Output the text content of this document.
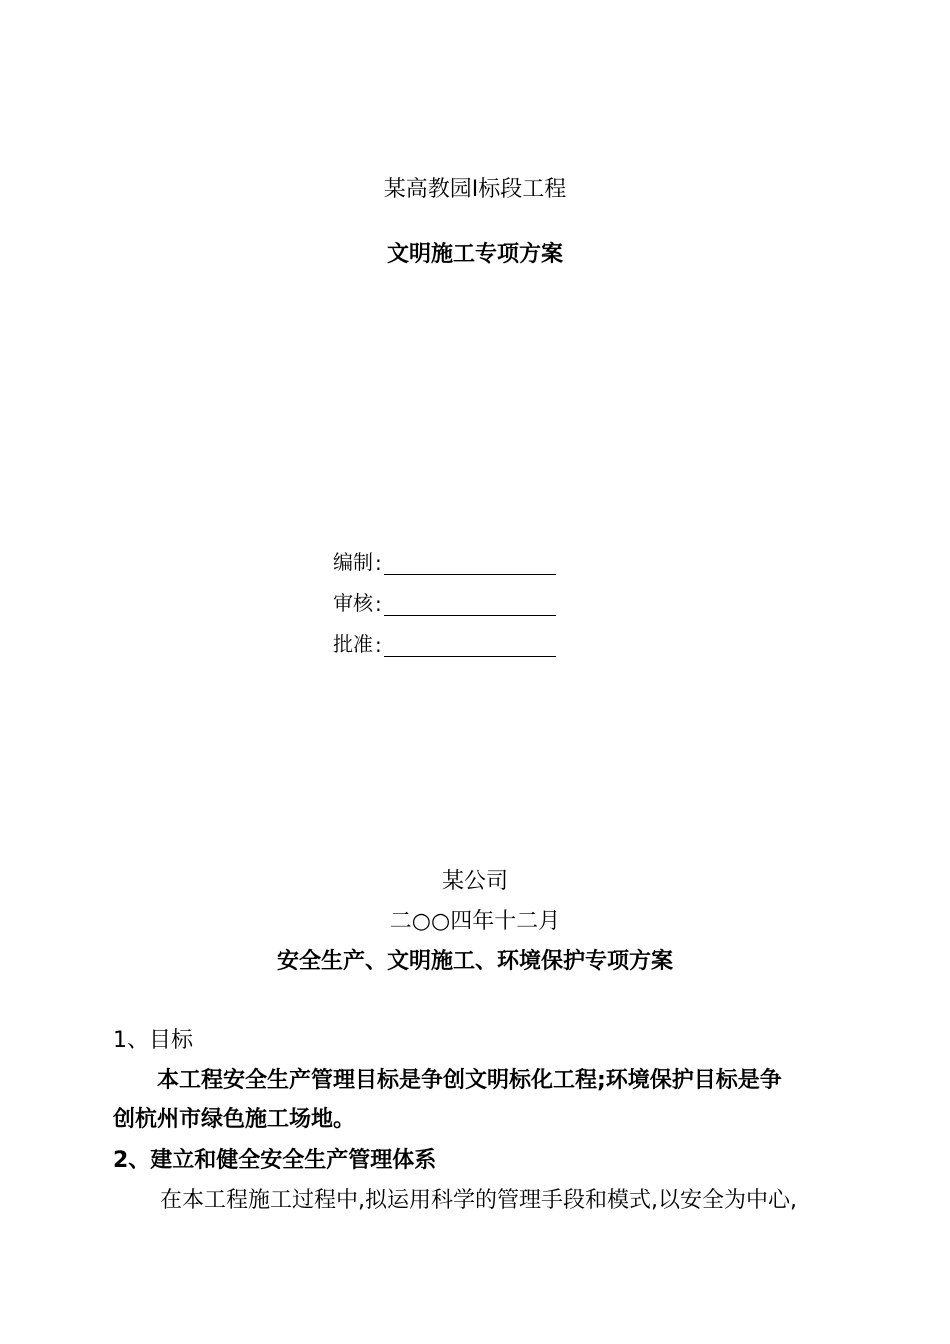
某高教园Ⅰ标段工程
文明施工专项方案
编制 :
审核 :
批准 :
某公司
二○○四年十二月
安全生产、文明施工、环境保护专项方案
1、目标
本工程安全生产管理目标是争创文明标化工程;环境保护目标是争
创杭州市绿色施工场地。
2、建立和健全安全生产管理体系
在本工程施工过程中,拟运用科学的管理手段和模式,以安全为中心,
